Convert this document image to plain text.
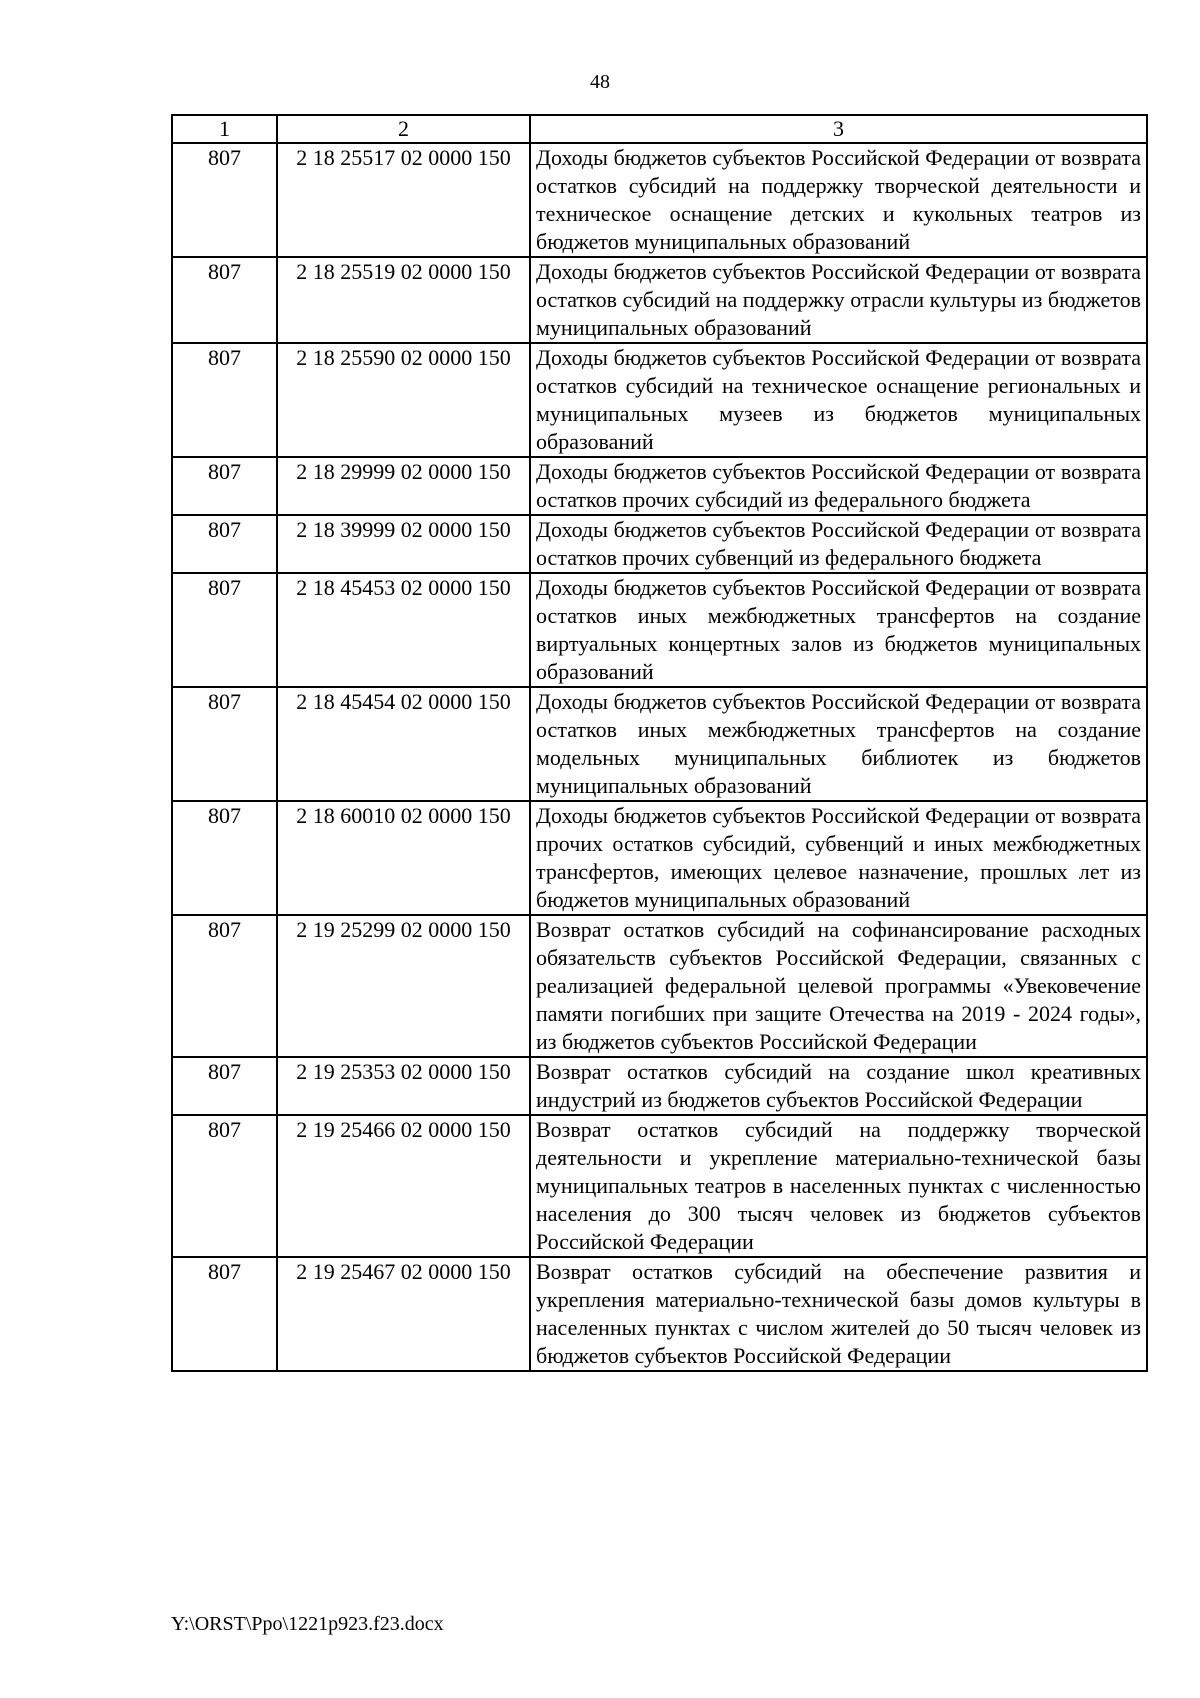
48
1	2	3
807	2 18 25517 02 0000 150	Доходы бюджетов субъектов Российской Федерации от возврата остатков субсидий на поддержку творческой деятельности и техническое оснащение детских и кукольных театров из бюджетов муниципальных образований
807	2 18 25519 02 0000 150	Доходы бюджетов субъектов Российской Федерации от возврата остатков субсидий на поддержку отрасли культуры из бюджетов муниципальных образований
807	2 18 25590 02 0000 150	Доходы бюджетов субъектов Российской Федерации от возврата остатков субсидий на техническое оснащение региональных и муниципальных музеев из бюджетов муниципальных образований
807	2 18 29999 02 0000 150	Доходы бюджетов субъектов Российской Федерации от возврата остатков прочих субсидий из федерального бюджета
807	2 18 39999 02 0000 150	Доходы бюджетов субъектов Российской Федерации от возврата остатков прочих субвенций из федерального бюджета
807	2 18 45453 02 0000 150	Доходы бюджетов субъектов Российской Федерации от возврата остатков иных межбюджетных трансфертов на создание виртуальных концертных залов из бюджетов муниципальных образований
807	2 18 45454 02 0000 150	Доходы бюджетов субъектов Российской Федерации от возврата остатков иных межбюджетных трансфертов на создание модельных муниципальных библиотек из бюджетов муниципальных образований
807	2 18 60010 02 0000 150	Доходы бюджетов субъектов Российской Федерации от возврата прочих остатков субсидий, субвенций и иных межбюджетных трансфертов, имеющих целевое назначение, прошлых лет из бюджетов муниципальных образований
807	2 19 25299 02 0000 150	Возврат остатков субсидий на софинансирование расходных обязательств субъектов Российской Федерации, связанных с реализацией федеральной целевой программы «Увековечение памяти погибших при защите Отечества на 2019 - 2024 годы», из бюджетов субъектов Российской Федерации
807	2 19 25353 02 0000 150	Возврат остатков субсидий на создание школ креативных индустрий из бюджетов субъектов Российской Федерации
807	2 19 25466 02 0000 150	Возврат остатков субсидий на поддержку творческой деятельности и укрепление материально-технической базы муниципальных театров в населенных пунктах с численностью населения до 300 тысяч человек из бюджетов субъектов Российской Федерации
807	2 19 25467 02 0000 150	Возврат остатков субсидий на обеспечение развития и укрепления материально-технической базы домов культуры в населенных пунктах с числом жителей до 50 тысяч человек из бюджетов субъектов Российской Федерации
Y:\ORST\Ppo\1221p923.f23.docx
